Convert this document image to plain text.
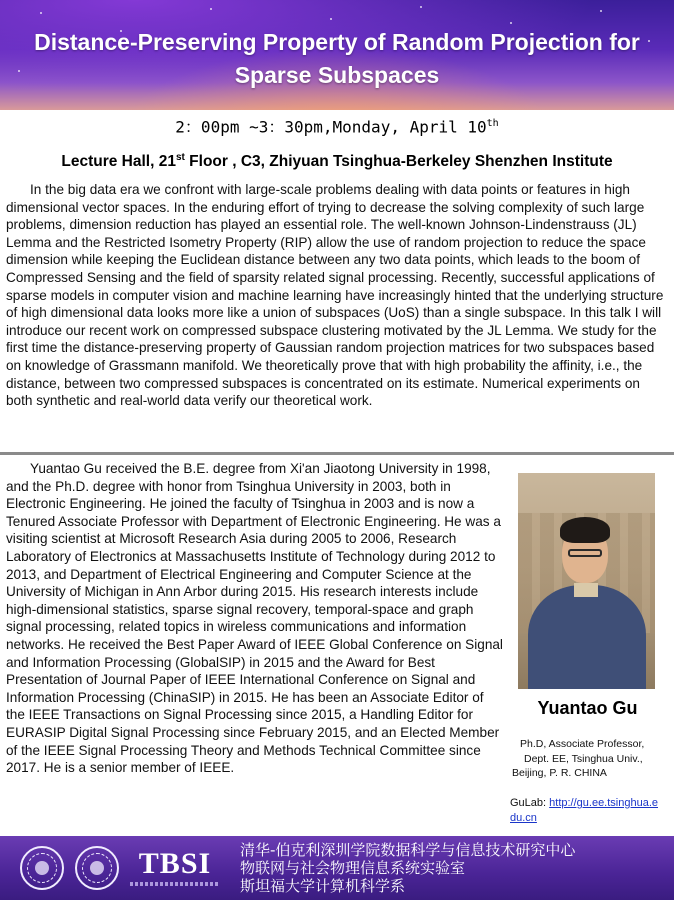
Distance-Preserving Property of Random Projection for
Sparse Subspaces
2：00pm ~3：30pm,Monday, April 10th
Lecture Hall, 21st Floor , C3, Zhiyuan Tsinghua-Berkeley Shenzhen Institute

In the big data era we confront with large-scale problems dealing with data points or features in high dimensional vector spaces. In the enduring effort of trying to decrease the solving complexity of such large problems, dimension reduction has played an essential role. The well-known Johnson-Lindenstrauss (JL) Lemma and the Restricted Isometry Property (RIP) allow the use of random projection to reduce the space dimension while keeping the Euclidean distance between any two data points, which leads to the boom of Compressed Sensing and the field of sparsity related signal processing. Recently, successful applications of sparse models in computer vision and machine learning have increasingly hinted that the underlying structure of high dimensional data looks more like a union of subspaces (UoS) than a single subspace. In this talk I will introduce our recent work on compressed subspace clustering motivated by the JL Lemma. We study for the first time the distance-preserving property of Gaussian random projection matrices for two subspaces based on knowledge of Grassmann manifold. We theoretically prove that with high probability the affinity, i.e., the distance, between two compressed subspaces is concentrated on its estimate. Numerical experiments on both synthetic and real-world data verify our theoretical work.

Yuantao Gu received the B.E. degree from Xi'an Jiaotong University in 1998, and the Ph.D. degree with honor from Tsinghua University in 2003, both in Electronic Engineering. He joined the faculty of Tsinghua in 2003 and is now a Tenured Associate Professor with Department of Electronic Engineering. He was a visiting scientist at Microsoft Research Asia during 2005 to 2006, Research Laboratory of Electronics at Massachusetts Institute of Technology during 2012 to 2013, and Department of Electrical Engineering and Computer Science at the University of Michigan in Ann Arbor during 2015. His research interests include high-dimensional statistics, sparse signal recovery, temporal-space and graph signal processing, related topics in wireless communications and information networks. He received the Best Paper Award of IEEE Global Conference on Signal and Information Processing (GlobalSIP) in 2015 and the Award for Best Presentation of Journal Paper of IEEE International Conference on Signal and Information Processing (ChinaSIP) in 2015. He has been an Associate Editor of the IEEE Transactions on Signal Processing since 2015, a Handling Editor for EURASIP Digital Signal Processing since February 2015, and an Elected Member of the IEEE Signal Processing Theory and Methods Technical Committee since 2017. He is a senior member of IEEE.

Yuantao Gu
Ph.D, Associate Professor,
Dept. EE, Tsinghua Univ.,
Beijing, P. R. CHINA
GuLab: http://gu.ee.tsinghua.e
du.cn
TBSI	清华-伯克利深圳学院数据科学与信息技术研究中心
物联网与社会物理信息系统实验室
斯坦福大学计算机科学系
